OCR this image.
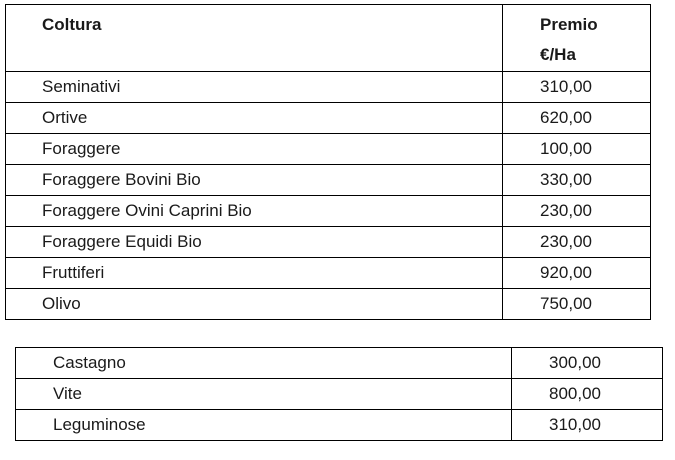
Coltura	Premio
€/Ha
Seminativi	310,00
Ortive	620,00
Foraggere	100,00
Foraggere Bovini Bio	330,00
Foraggere Ovini Caprini Bio	230,00
Foraggere Equidi Bio	230,00
Fruttiferi	920,00
Olivo	750,00
Castagno	300,00
Vite	800,00
Leguminose	310,00
